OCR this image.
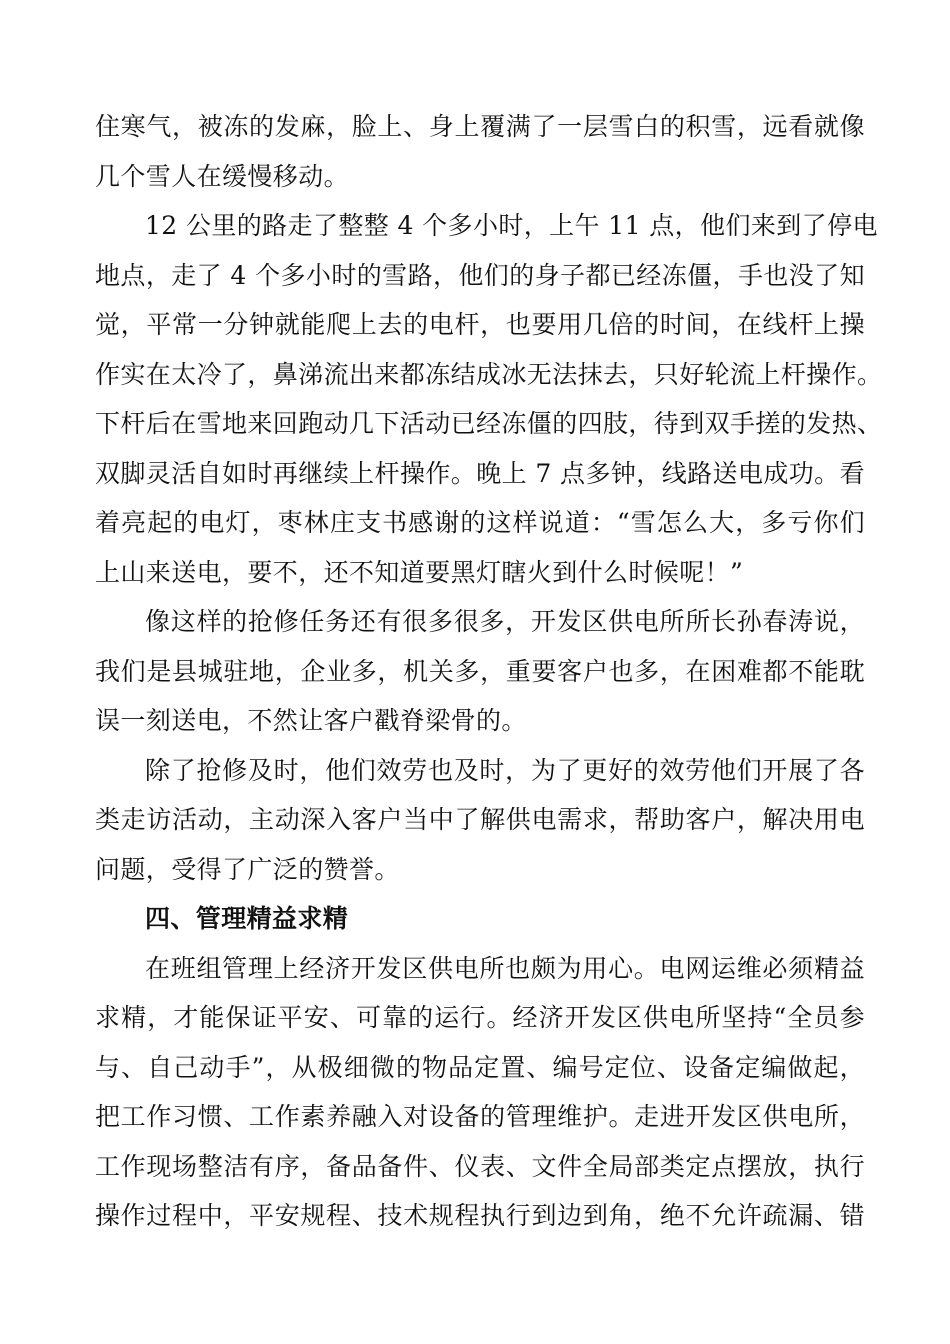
住寒气，被冻的发麻，脸上、身上覆满了一层雪白的积雪，远看就像
几个雪人在缓慢移动。
12 公里的路走了整整 4 个多小时，上午 11 点，他们来到了停电
地点，走了 4 个多小时的雪路，他们的身子都已经冻僵，手也没了知
觉，平常一分钟就能爬上去的电杆，也要用几倍的时间，在线杆上操
作实在太冷了，鼻涕流出来都冻结成冰无法抹去，只好轮流上杆操作。
下杆后在雪地来回跑动几下活动已经冻僵的四肢，待到双手搓的发热、
双脚灵活自如时再继续上杆操作。晚上 7 点多钟，线路送电成功。看
着亮起的电灯，枣林庄支书感谢的这样说道：“雪怎么大，多亏你们
上山来送电，要不，还不知道要黑灯瞎火到什么时候呢！”
像这样的抢修任务还有很多很多，开发区供电所所长孙春涛说，
我们是县城驻地，企业多，机关多，重要客户也多，在困难都不能耽
误一刻送电，不然让客户戳脊梁骨的。
除了抢修及时，他们效劳也及时，为了更好的效劳他们开展了各
类走访活动，主动深入客户当中了解供电需求，帮助客户，解决用电
问题，受得了广泛的赞誉。
四、管理精益求精
在班组管理上经济开发区供电所也颇为用心。电网运维必须精益
求精，才能保证平安、可靠的运行。经济开发区供电所坚持“全员参
与、自己动手”，从极细微的物品定置、编号定位、设备定编做起，
把工作习惯、工作素养融入对设备的管理维护。走进开发区供电所，
工作现场整洁有序，备品备件、仪表、文件全局部类定点摆放，执行
操作过程中，平安规程、技术规程执行到边到角，绝不允许疏漏、错
